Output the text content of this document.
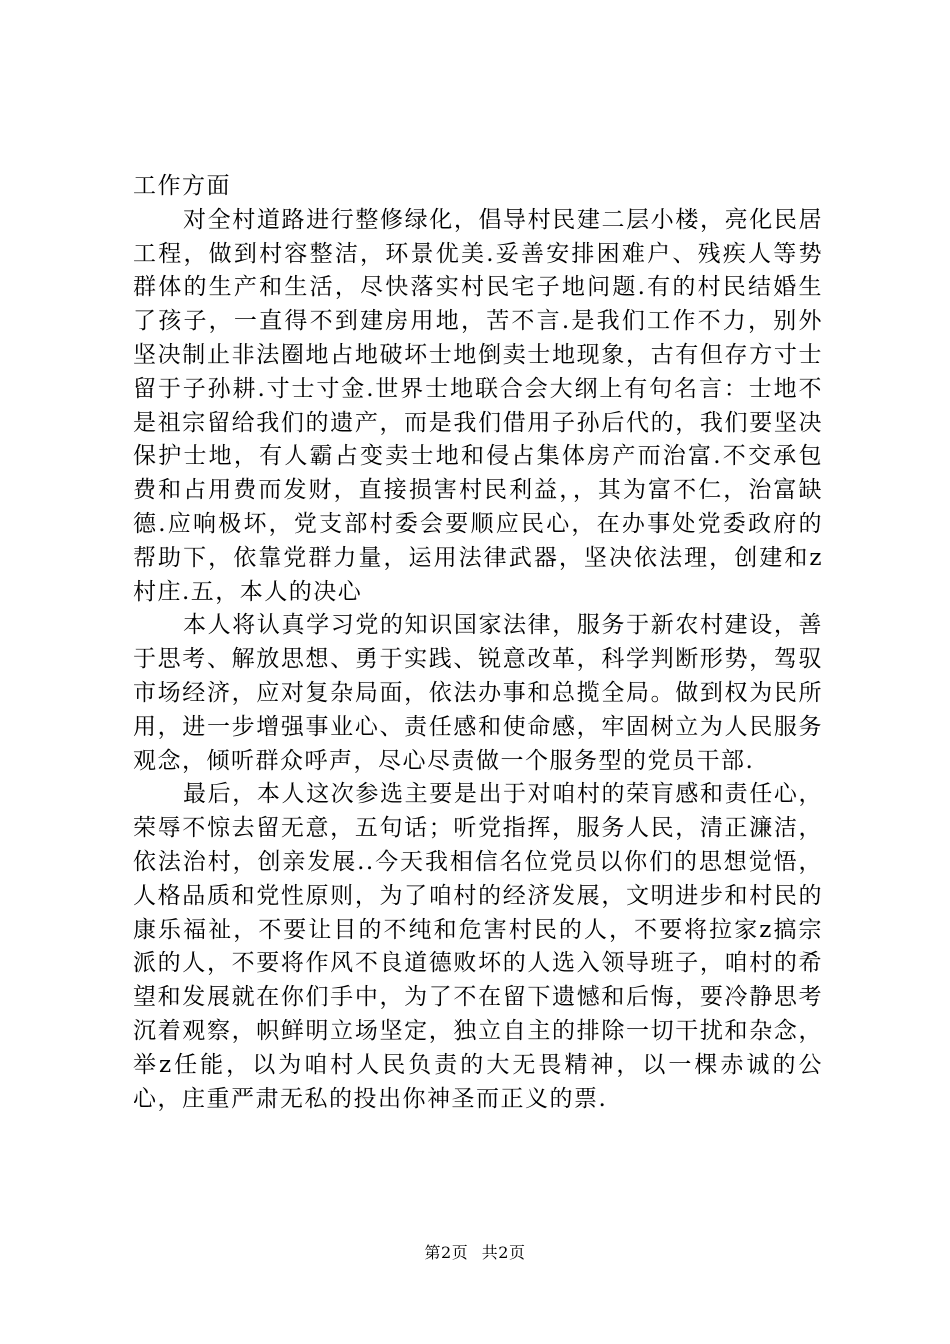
工作方面

对全村道路进行整修绿化，倡导村民建二层小楼，亮化民居工程，做到村容整洁，环景优美.妥善安排困难户、残疾人等势群体的生产和生活，尽快落实村民宅子地问题.有的村民结婚生了孩子，一直得不到建房用地，苦不言.是我们工作不力，别外坚决制止非法圈地占地破坏士地倒卖士地现象，古有但存方寸士留于子孙耕.寸士寸金.世界士地联合会大纲上有句名言：士地不是祖宗留给我们的遗产，而是我们借用子孙后代的，我们要坚决保护士地，有人霸占变卖士地和侵占集体房产而治富.不交承包费和占用费而发财，直接损害村民利益，，其为富不仁，治富缺德.应响极坏，党支部村委会要顺应民心，在办事处党委政府的帮助下，依靠党群力量，运用法律武器，坚决依法理，创建和z村庄.五，本人的决心

本人将认真学习党的知识国家法律，服务于新农村建设，善于思考、解放思想、勇于实践、锐意改革，科学判断形势，驾驭市场经济，应对复杂局面，依法办事和总揽全局。做到权为民所用，进一步增强事业心、责任感和使命感，牢固树立为人民服务观念，倾听群众呼声，尽心尽责做一个服务型的党员干部.

最后，本人这次参选主要是出于对咱村的荣肓感和责任心，荣辱不惊去留无意，五句话；听党指挥，服务人民，清正濂洁，依法治村，创亲发展..今天我相信名位党员以你们的思想觉悟，人格品质和党性原则，为了咱村的经济发展，文明进步和村民的康乐福祉，不要让目的不纯和危害村民的人，不要将拉家z搞宗派的人，不要将作风不良道德败坏的人选入领导班子，咱村的希望和发展就在你们手中，为了不在留下遗憾和后悔，要冷静思考沉着观察，帜鲜明立场坚定，独立自主的排除一切干扰和杂念，举z任能，以为咱村人民负责的大无畏精神，以一棵赤诚的公心，庄重严肃无私的投出你神圣而正义的票.

第2页 共2页
